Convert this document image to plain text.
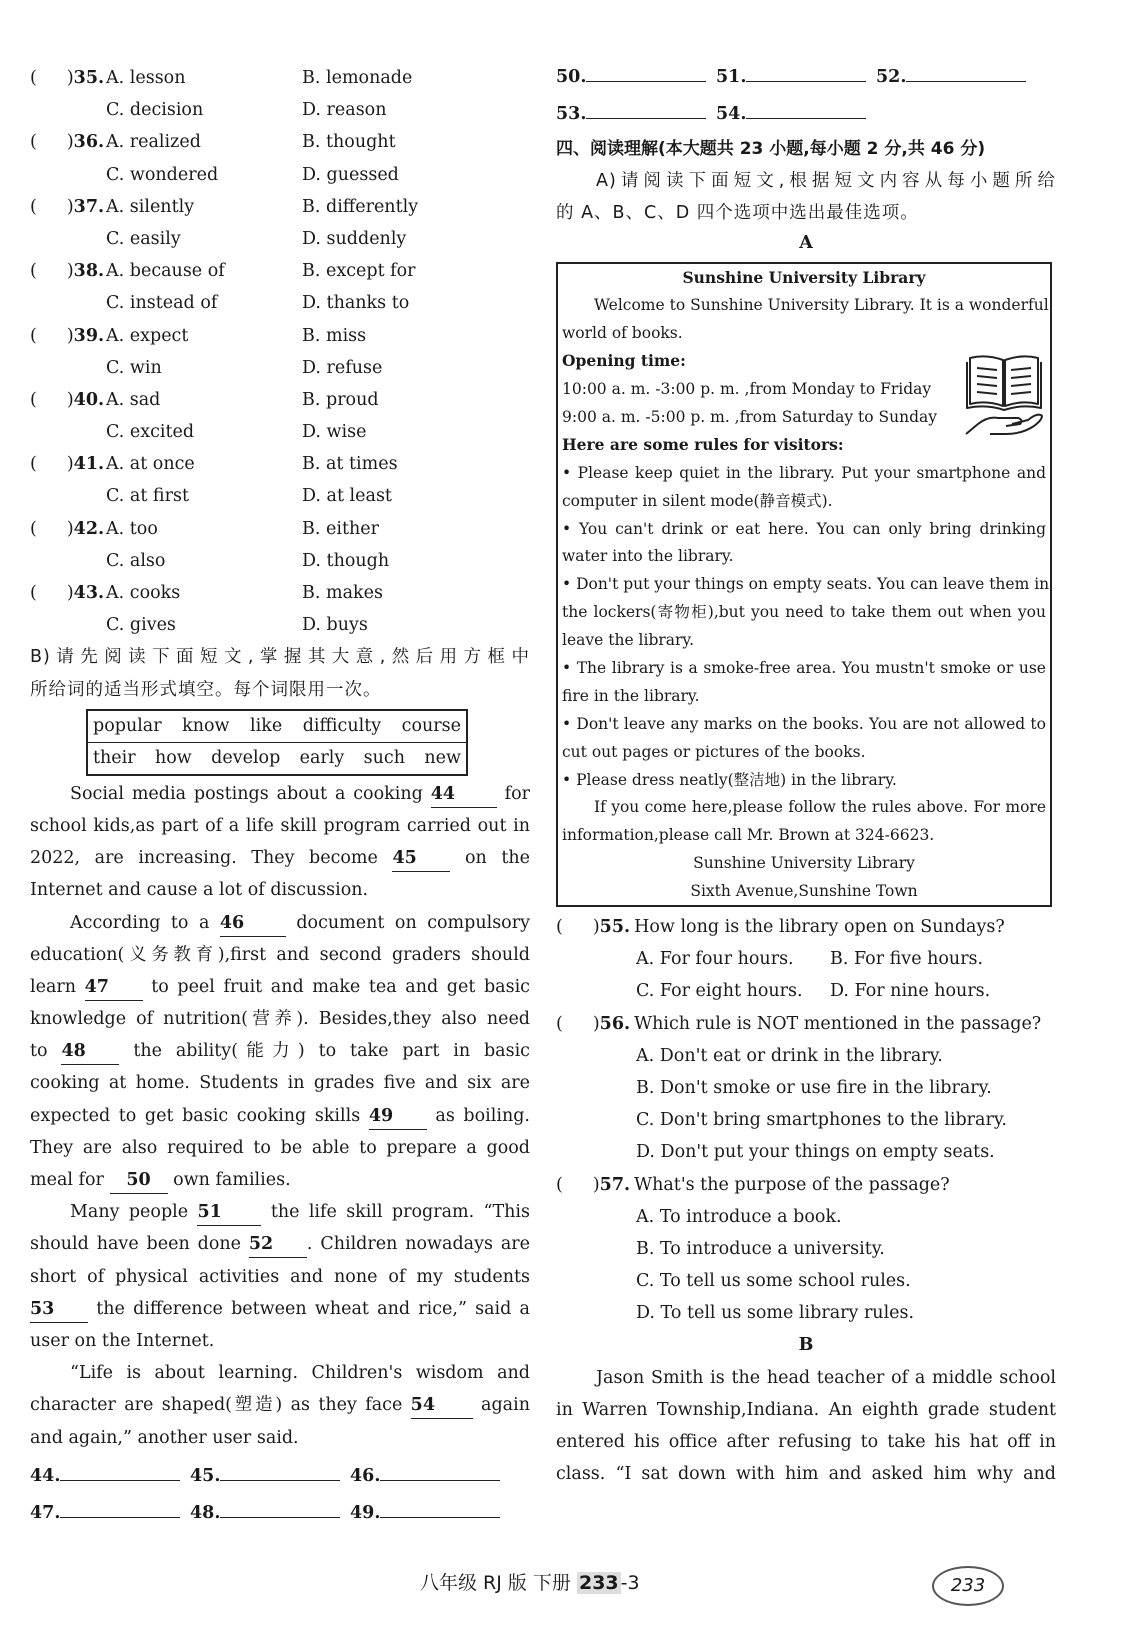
( )35. A. lesson	B. lemonade
C. decision	D. reason
( )36. A. realized	B. thought
C. wondered	D. guessed
( )37. A. silently	B. differently
C. easily	D. suddenly
( )38. A. because of	B. except for
C. instead of	D. thanks to
( )39. A. expect	B. miss
C. win	D. refuse
( )40. A. sad	B. proud
C. excited	D. wise
( )41. A. at once	B. at times
C. at first	D. at least
( )42. A. too	B. either
C. also	D. though
( )43. A. cooks	B. makes
C. gives	D. buys
B)请先阅读下面短文,掌握其大意,然后用方框中
所给词的适当形式填空。每个词限用一次。
popular know like difficulty course
their how develop early such new
Social media postings about a cooking 44	for
school kids,as part of a life skill program carried out in
2022, are increasing. They become 45	on the
Internet and cause a lot of discussion.
According to a 46	document on compulsory
education(义务教育),first and second graders should
learn 47 to peel fruit and make tea and get basic
knowledge of nutrition(营养). Besides,they also need
to 48	the ability(能力) to take part in basic
cooking at home. Students in grades five and six are
expected to get basic cooking skills 49 as boiling.
They are also required to be able to prepare a good
meal for 50 own families.
Many people 51	the life skill program. “This
should have been done 52 . Children nowadays are
short of physical activities and none of my students
53 the difference between wheat and rice,” said a
user on the Internet.
“Life is about learning. Children's wisdom and
character are shaped(塑造) as they face 54	again
and again,” another user said.
44.	45.	46.
47.	48.	49.
50.	51.	52.
53.	54.
四、阅读理解(本大题共 23 小题,每小题 2 分,共 46 分)
A)请阅读下面短文,根据短文内容从每小题所给
的 A、B、C、D 四个选项中选出最佳选项。
A
Sunshine University Library
Welcome to Sunshine University Library. It is a wonderful
world of books.
Opening time:
10:00 a. m. -3:00 p. m. ,from Monday to Friday
9:00 a. m. -5:00 p. m. ,from Saturday to Sunday
Here are some rules for visitors:
• Please keep quiet in the library. Put your smartphone and
computer in silent mode(静音模式).
• You can't drink or eat here. You can only bring drinking
water into the library.
• Don't put your things on empty seats. You can leave them in
the lockers(寄物柜),but you need to take them out when you
leave the library.
• The library is a smoke-free area. You mustn't smoke or use
fire in the library.
• Don't leave any marks on the books. You are not allowed to
cut out pages or pictures of the books.
• Please dress neatly(整洁地) in the library.
If you come here,please follow the rules above. For more
information,please call Mr. Brown at 324-6623.
Sunshine University Library
Sixth Avenue,Sunshine Town
( )55. How long is the library open on Sundays?
A. For four hours. B. For five hours.
C. For eight hours. D. For nine hours.
( )56. Which rule is NOT mentioned in the passage?
A. Don't eat or drink in the library.
B. Don't smoke or use fire in the library.
C. Don't bring smartphones to the library.
D. Don't put your things on empty seats.
( )57. What's the purpose of the passage?
A. To introduce a book.
B. To introduce a university.
C. To tell us some school rules.
D. To tell us some library rules.
B
Jason Smith is the head teacher of a middle school
in Warren Township,Indiana. An eighth grade student
entered his office after refusing to take his hat off in
class. “I sat down with him and asked him why and
八年级 RJ 版 下册 233 -3	233
